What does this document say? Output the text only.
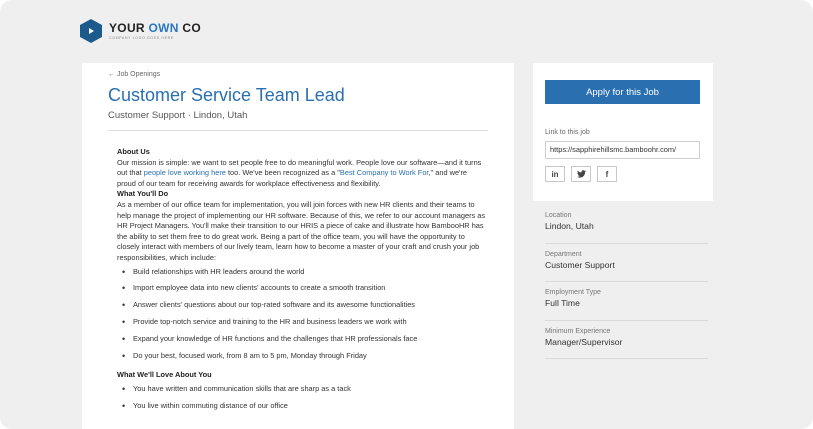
YOUR OWN CO
COMPANY LOGO GOES HERE
← Job Openings
Customer Service Team Lead
Customer Support · Lindon, Utah
About Us

Our mission is simple: we want to set people free to do meaningful work. People love our software—and it turns out that people love working here too. We've been recognized as a "Best Company to Work For," and we're proud of our team for receiving awards for workplace effectiveness and flexibility.

What You'll Do

As a member of our office team for implementation, you will join forces with new HR clients and their teams to help manage the project of implementing our HR software. Because of this, we refer to our account managers as HR Project Managers. You'll make their transition to our HRIS a piece of cake and illustrate how BambooHR has the ability to set them free to do great work. Being a part of the office team, you will have the opportunity to closely interact with members of our lively team, learn how to become a master of your craft and crush your job responsibilities, which include:

• Build relationships with HR leaders around the world
• Import employee data into new clients' accounts to create a smooth transition
• Answer clients' questions about our top-rated software and its awesome functionalities
• Provide top-notch service and training to the HR and business leaders we work with
• Expand your knowledge of HR functions and the challenges that HR professionals face
• Do your best, focused work, from 8 am to 5 pm, Monday through Friday
What We'll Love About You
• You have written and communication skills that are sharp as a tack
• You live within commuting distance of our office
Apply for this Job
Link to this job
https://sapphirehillsmc.bamboohr.com/
in	f
Location
Lindon, Utah
Department
Customer Support
Employment Type
Full Time
Minimum Experience
Manager/Supervisor
